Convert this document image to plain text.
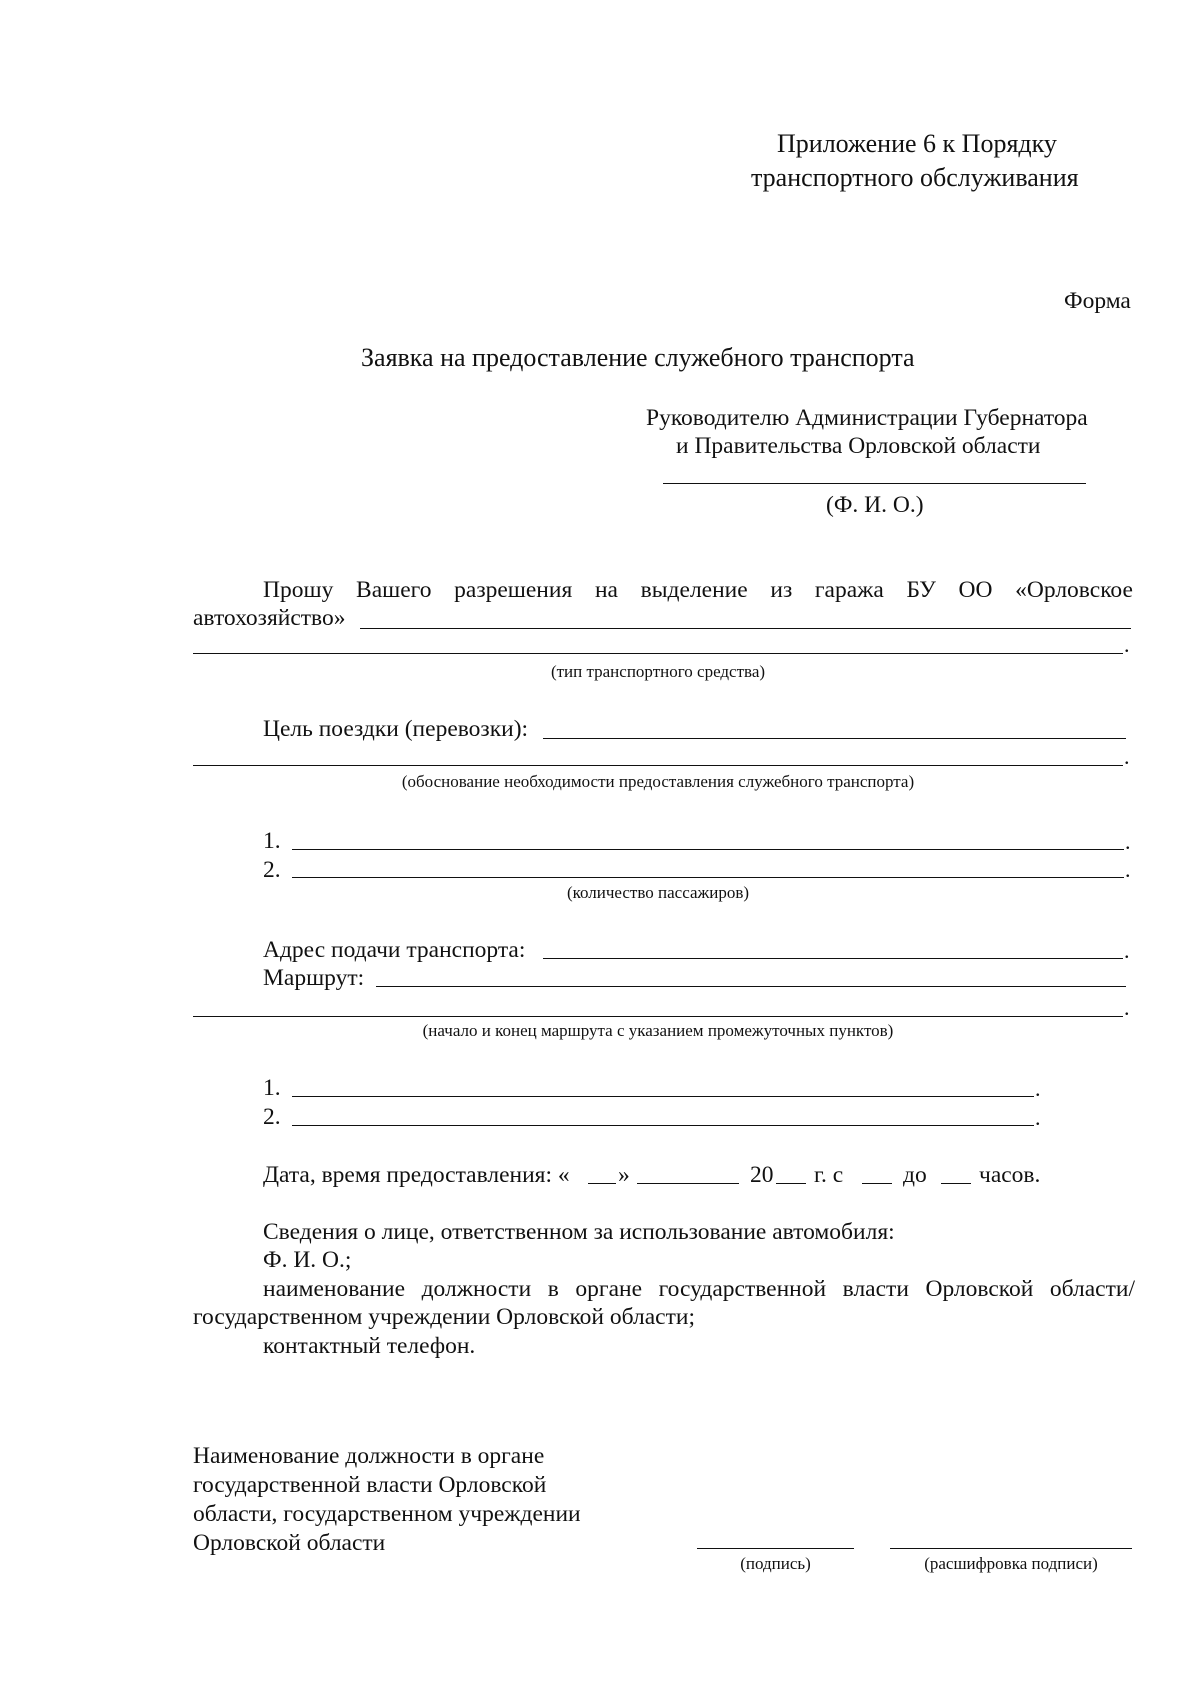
Приложение 6 к Порядку
транспортного обслуживания
Форма
Заявка на предоставление служебного транспорта
Руководителю Администрации Губернатора
и Правительства Орловской области
(Ф. И. О.)
Прошу Вашего разрешения на выделение из гаража БУ ОО «Орловское
автохозяйство»
.
(тип транспортного средства)
Цель поездки (перевозки):
.
(обоснование необходимости предоставления служебного транспорта)
1.	.
2.	.
(количество пассажиров)
Адрес подачи транспорта:	.
Маршрут:
.
(начало и конец маршрута с указанием промежуточных пунктов)
1.	.
2.	.
Дата, время предоставления: « »	20 г. с	до часов.
Сведения о лице, ответственном за использование автомобиля:
Ф. И. О.;
наименование должности в органе государственной власти Орловской области/
государственном учреждении Орловской области;
контактный телефон.
Наименование должности в органе
государственной власти Орловской
области, государственном учреждении
Орловской области
(подпись)	(расшифровка подписи)
